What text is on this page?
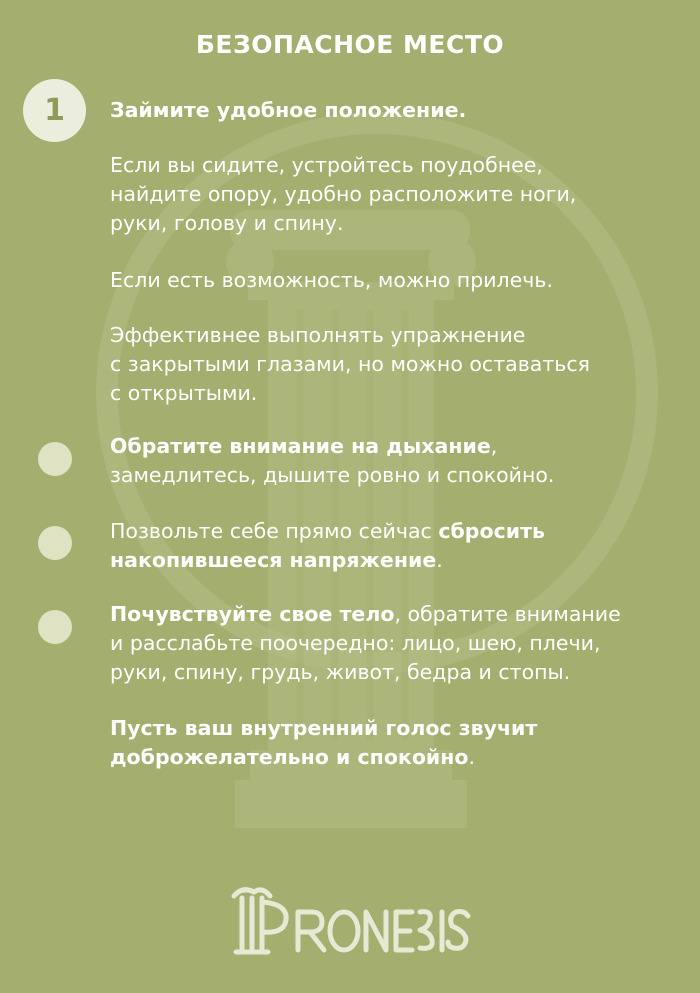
БЕЗОПАСНОЕ МЕСТО
1 Займите удобное положение.
Если вы сидите, устройтесь поудобнее,
найдите опору, удобно расположите ноги,
руки, голову и спину.
Если есть возможность, можно прилечь.
Эффективнее выполнять упражнение
с закрытыми глазами, но можно оставаться
с открытыми.
Обратите внимание на дыхание,
замедлитесь, дышите ровно и спокойно.
Позвольте себе прямо сейчас сбросить
накопившееся напряжение.
Почувствуйте свое тело, обратите внимание
и расслабьте поочередно: лицо, шею, плечи,
руки, спину, грудь, живот, бедра и стопы.
Пусть ваш внутренний голос звучит
доброжелательно и спокойно.
